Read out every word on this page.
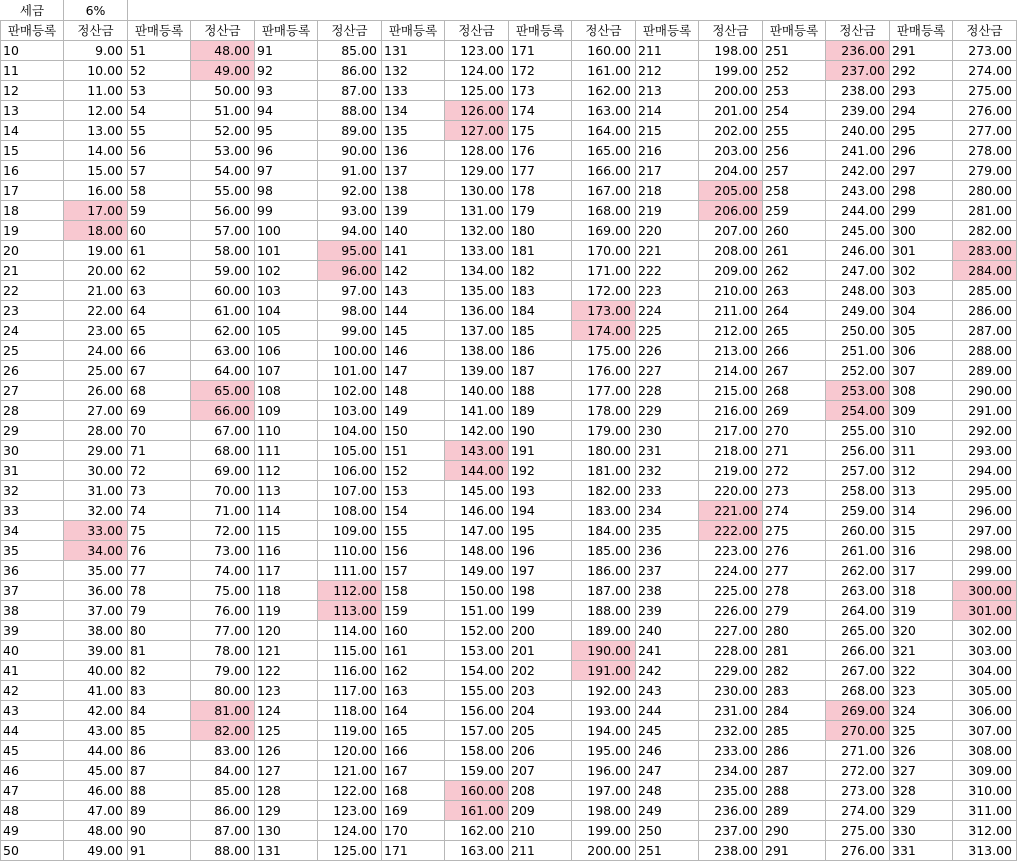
세금	6%														
판매등록	정산금	판매등록	정산금	판매등록	정산금	판매등록	정산금	판매등록	정산금	판매등록	정산금	판매등록	정산금	판매등록	정산금
10	9.00	51	48.00	91	85.00	131	123.00	171	160.00	211	198.00	251	236.00	291	273.00
11	10.00	52	49.00	92	86.00	132	124.00	172	161.00	212	199.00	252	237.00	292	274.00
12	11.00	53	50.00	93	87.00	133	125.00	173	162.00	213	200.00	253	238.00	293	275.00
13	12.00	54	51.00	94	88.00	134	126.00	174	163.00	214	201.00	254	239.00	294	276.00
14	13.00	55	52.00	95	89.00	135	127.00	175	164.00	215	202.00	255	240.00	295	277.00
15	14.00	56	53.00	96	90.00	136	128.00	176	165.00	216	203.00	256	241.00	296	278.00
16	15.00	57	54.00	97	91.00	137	129.00	177	166.00	217	204.00	257	242.00	297	279.00
17	16.00	58	55.00	98	92.00	138	130.00	178	167.00	218	205.00	258	243.00	298	280.00
18	17.00	59	56.00	99	93.00	139	131.00	179	168.00	219	206.00	259	244.00	299	281.00
19	18.00	60	57.00	100	94.00	140	132.00	180	169.00	220	207.00	260	245.00	300	282.00
20	19.00	61	58.00	101	95.00	141	133.00	181	170.00	221	208.00	261	246.00	301	283.00
21	20.00	62	59.00	102	96.00	142	134.00	182	171.00	222	209.00	262	247.00	302	284.00
22	21.00	63	60.00	103	97.00	143	135.00	183	172.00	223	210.00	263	248.00	303	285.00
23	22.00	64	61.00	104	98.00	144	136.00	184	173.00	224	211.00	264	249.00	304	286.00
24	23.00	65	62.00	105	99.00	145	137.00	185	174.00	225	212.00	265	250.00	305	287.00
25	24.00	66	63.00	106	100.00	146	138.00	186	175.00	226	213.00	266	251.00	306	288.00
26	25.00	67	64.00	107	101.00	147	139.00	187	176.00	227	214.00	267	252.00	307	289.00
27	26.00	68	65.00	108	102.00	148	140.00	188	177.00	228	215.00	268	253.00	308	290.00
28	27.00	69	66.00	109	103.00	149	141.00	189	178.00	229	216.00	269	254.00	309	291.00
29	28.00	70	67.00	110	104.00	150	142.00	190	179.00	230	217.00	270	255.00	310	292.00
30	29.00	71	68.00	111	105.00	151	143.00	191	180.00	231	218.00	271	256.00	311	293.00
31	30.00	72	69.00	112	106.00	152	144.00	192	181.00	232	219.00	272	257.00	312	294.00
32	31.00	73	70.00	113	107.00	153	145.00	193	182.00	233	220.00	273	258.00	313	295.00
33	32.00	74	71.00	114	108.00	154	146.00	194	183.00	234	221.00	274	259.00	314	296.00
34	33.00	75	72.00	115	109.00	155	147.00	195	184.00	235	222.00	275	260.00	315	297.00
35	34.00	76	73.00	116	110.00	156	148.00	196	185.00	236	223.00	276	261.00	316	298.00
36	35.00	77	74.00	117	111.00	157	149.00	197	186.00	237	224.00	277	262.00	317	299.00
37	36.00	78	75.00	118	112.00	158	150.00	198	187.00	238	225.00	278	263.00	318	300.00
38	37.00	79	76.00	119	113.00	159	151.00	199	188.00	239	226.00	279	264.00	319	301.00
39	38.00	80	77.00	120	114.00	160	152.00	200	189.00	240	227.00	280	265.00	320	302.00
40	39.00	81	78.00	121	115.00	161	153.00	201	190.00	241	228.00	281	266.00	321	303.00
41	40.00	82	79.00	122	116.00	162	154.00	202	191.00	242	229.00	282	267.00	322	304.00
42	41.00	83	80.00	123	117.00	163	155.00	203	192.00	243	230.00	283	268.00	323	305.00
43	42.00	84	81.00	124	118.00	164	156.00	204	193.00	244	231.00	284	269.00	324	306.00
44	43.00	85	82.00	125	119.00	165	157.00	205	194.00	245	232.00	285	270.00	325	307.00
45	44.00	86	83.00	126	120.00	166	158.00	206	195.00	246	233.00	286	271.00	326	308.00
46	45.00	87	84.00	127	121.00	167	159.00	207	196.00	247	234.00	287	272.00	327	309.00
47	46.00	88	85.00	128	122.00	168	160.00	208	197.00	248	235.00	288	273.00	328	310.00
48	47.00	89	86.00	129	123.00	169	161.00	209	198.00	249	236.00	289	274.00	329	311.00
49	48.00	90	87.00	130	124.00	170	162.00	210	199.00	250	237.00	290	275.00	330	312.00
50	49.00	91	88.00	131	125.00	171	163.00	211	200.00	251	238.00	291	276.00	331	313.00
